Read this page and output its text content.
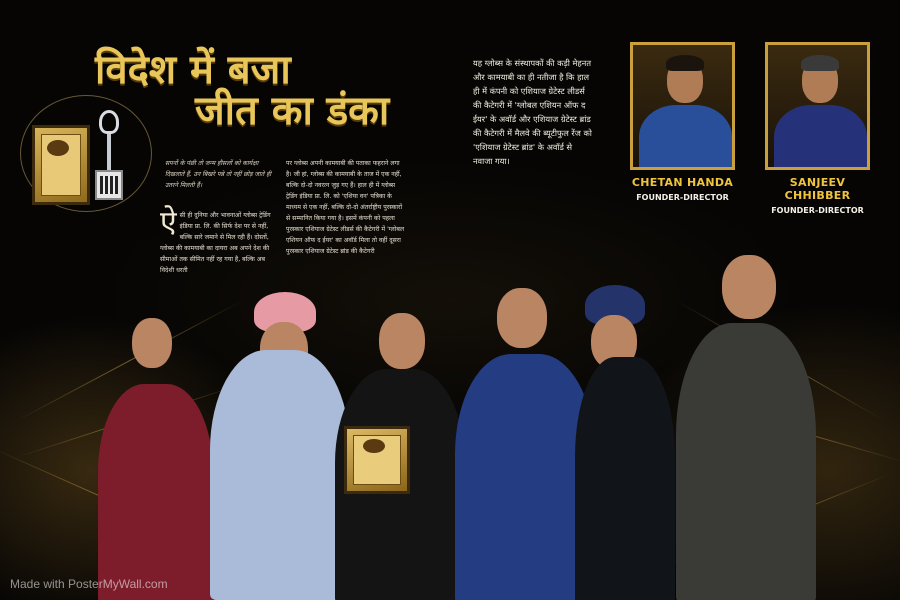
विदेश में बजा
जीत का डंका
सपनों के पंछी तो जन्म हौसलों को कार्यक्षा दिखलाते हैं, उन बिखरे पन्ने तो नहीं छोड़ जाते ही उतरने मिलती हैं।
ऐ सी ही दुनिया और भावनाओं ग्लोब्स ट्रेडिंग इंडिया प्रा. लि. की सिर्फ देश पर से नहीं, बल्कि सारे जमाने से मिल रही हैं। दोस्तों, ग्लोब्स की कामयाबी का दायरा अब अपने देश की सीमाओं तक सीमित नहीं रह गया है, बल्कि अब विदेशी धरती
पर ग्लोब्स अपनी कामयाबी की पताका फहराने लगा है। जी हां, ग्लोब्स की कामयाबी के ताज में एक नहीं, बल्कि दो-दो नवरत्न जुड़ गए हैं। हाल ही में ग्लोब्स ट्रेडिंग इंडिया प्रा. लि. को 'एशिया वन' पत्रिका के माध्यम से एक नहीं, बल्कि दो-दो अंतर्राष्ट्रीय पुरस्कारों से सम्मानित किया गया है। इसमें कंपनी को पहला पुरस्कार एशियाज ग्रेटेस्ट लीडर्स की कैटेगरी में 'ग्लोबल एशियन ऑफ द ईयर' का अवॉर्ड मिला तो वहीं दूसरा पुरस्कार एशियाज ग्रेटेस्ट ब्रांड की कैटेगरी
यह ग्लोब्स के संस्थापकों की कड़ी मेहनत और कामयाबी का ही नतीजा है कि हाल ही में कंपनी को एशियाज ग्रेटेस्ट लीडर्स की कैटेगरी में 'ग्लोबल एशियन ऑफ द ईयर' के अवॉर्ड और एशियाज ग्रेटेस्ट ब्रांड की कैटेगरी में मैलवे की ब्यूटीफुल रेंज को 'एशियाज ग्रेटेस्ट ब्रांड' के अवॉर्ड से नवाजा गया।
CHETAN HANDA
FOUNDER-DIRECTOR
SANJEEV CHHIBBER
FOUNDER-DIRECTOR
Made with PosterMyWall.com
